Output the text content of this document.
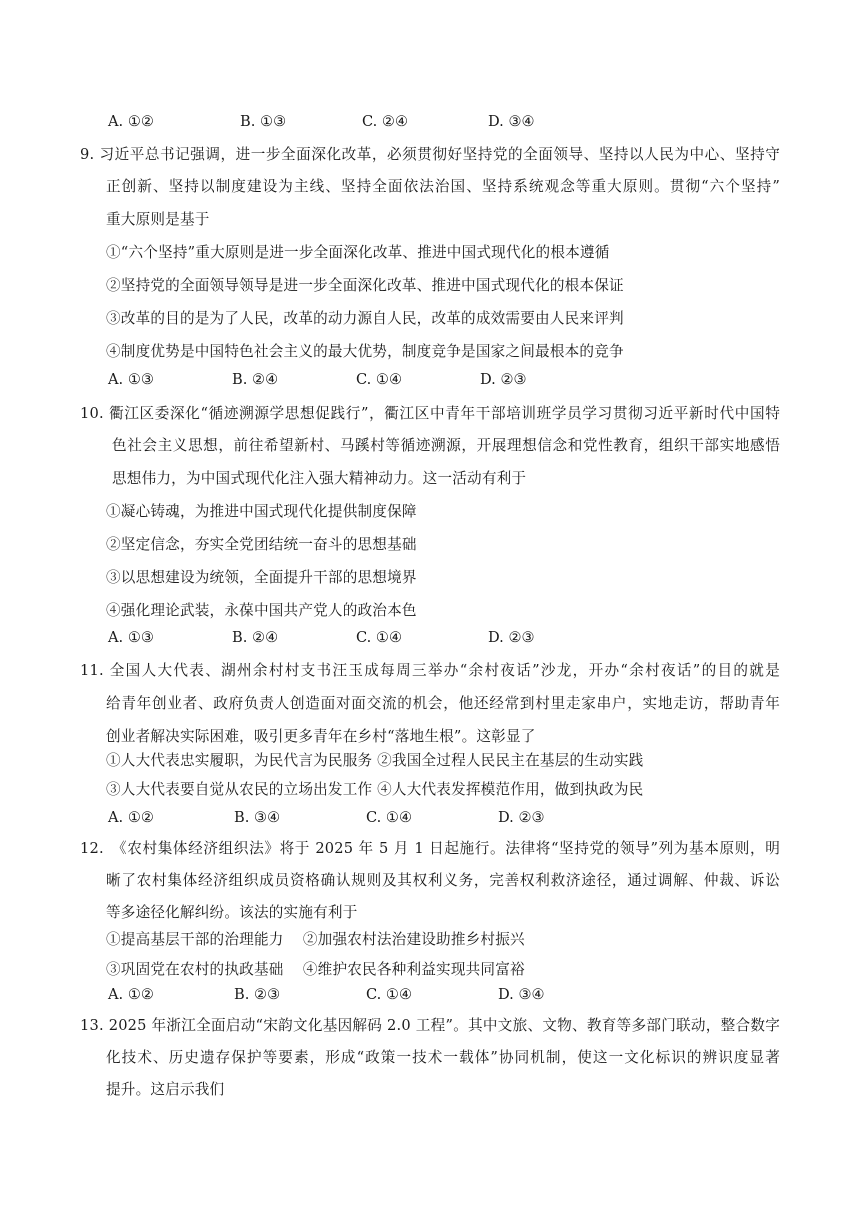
A. ①②	B. ①③	C. ②④	D. ③④
9. 习近平总书记强调，进一步全面深化改革，必须贯彻好坚持党的全面领导、坚持以人民为中心、坚持守
正创新、坚持以制度建设为主线、坚持全面依法治国、坚持系统观念等重大原则。贯彻“六个坚持”
重大原则是基于
①“六个坚持”重大原则是进一步全面深化改革、推进中国式现代化的根本遵循
②坚持党的全面领导领导是进一步全面深化改革、推进中国式现代化的根本保证
③改革的目的是为了人民，改革的动力源自人民，改革的成效需要由人民来评判
④制度优势是中国特色社会主义的最大优势，制度竞争是国家之间最根本的竞争
A. ①③	B. ②④	C. ①④	D. ②③
10. 衢江区委深化“循迹溯源学思想促践行”，衢江区中青年干部培训班学员学习贯彻习近平新时代中国特
色社会主义思想，前往希望新村、马蹊村等循迹溯源，开展理想信念和党性教育，组织干部实地感悟
思想伟力，为中国式现代化注入强大精神动力。这一活动有利于
①凝心铸魂，为推进中国式现代化提供制度保障
②坚定信念，夯实全党团结统一奋斗的思想基础
③以思想建设为统领，全面提升干部的思想境界
④强化理论武装，永葆中国共产党人的政治本色
A. ①③	B. ②④	C. ①④	D. ②③
11. 全国人大代表、湖州余村村支书汪玉成每周三举办“余村夜话”沙龙，开办“余村夜话”的目的就是
给青年创业者、政府负责人创造面对面交流的机会，他还经常到村里走家串户，实地走访，帮助青年
创业者解决实际困难，吸引更多青年在乡村“落地生根”。这彰显了
①人大代表忠实履职，为民代言为民服务 ②我国全过程人民民主在基层的生动实践
③人大代表要自觉从农民的立场出发工作 ④人大代表发挥模范作用，做到执政为民
A. ①②	B. ③④	C. ①④	D. ②③
12. 《农村集体经济组织法》将于 2025 年 5 月 1 日起施行。法律将“坚持党的领导”列为基本原则，明
晰了农村集体经济组织成员资格确认规则及其权利义务，完善权利救济途径，通过调解、仲裁、诉讼
等多途径化解纠纷。该法的实施有利于
①提高基层干部的治理能力    ②加强农村法治建设助推乡村振兴
③巩固党在农村的执政基础    ④维护农民各种利益实现共同富裕
A. ①②	B. ②③	C. ①④	D. ③④
13. 2025 年浙江全面启动“宋韵文化基因解码 2.0 工程”。其中文旅、文物、教育等多部门联动，整合数字
化技术、历史遗存保护等要素，形成“政策一技术一载体”协同机制，使这一文化标识的辨识度显著
提升。这启示我们
